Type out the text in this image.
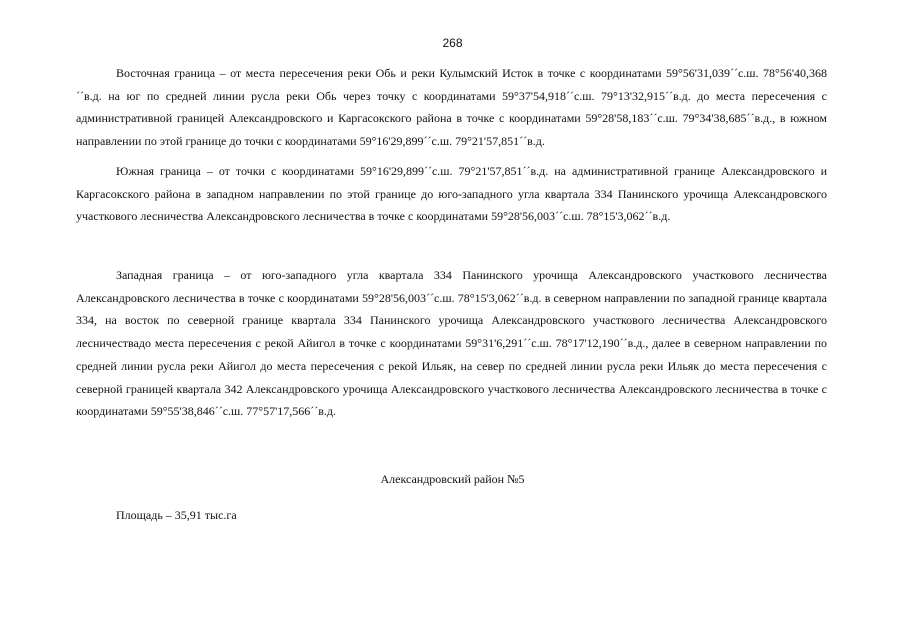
268

Восточная граница – от места пересечения реки Обь и реки Кулымский Исток в точке с координатами 59°56'31,039´´с.ш. 78°56'40,368´´в.д. на юг по средней линии русла реки Обь через точку с координатами 59°37'54,918´´с.ш. 79°13'32,915´´в.д. до места пересечения с административной границей Александровского и Каргасокского района в точке с координатами 59°28'58,183´´с.ш. 79°34'38,685´´в.д., в южном направлении по этой границе до точки с координатами 59°16'29,899´´с.ш. 79°21'57,851´´в.д.

Южная граница – от точки с координатами 59°16'29,899´´с.ш. 79°21'57,851´´в.д. на административной границе Александровского и Каргасокского района в западном направлении по этой границе до юго-западного угла квартала 334 Панинского урочища Александровского участкового лесничества Александровского лесничества в точке с координатами 59°28'56,003´´с.ш. 78°15'3,062´´в.д.

Западная граница – от юго-западного угла квартала 334 Панинского урочища Александровского участкового лесничества Александровского лесничества в точке с координатами 59°28'56,003´´с.ш. 78°15'3,062´´в.д. в северном направлении по западной границе квартала 334, на восток по северной границе квартала 334 Панинского урочища Александровского участкового лесничества Александровского лесничествадо места пересечения с рекой Айигол в точке с координатами 59°31'6,291´´с.ш. 78°17'12,190´´в.д., далее в северном направлении по средней линии русла реки Айигол до места пересечения с рекой Ильяк, на север по средней линии русла реки Ильяк до места пересечения с северной границей квартала 342 Александровского урочища Александровского участкового лесничества Александровского лесничества в точке с координатами 59°55'38,846´´с.ш. 77°57'17,566´´в.д.

Александровский район №5

Площадь – 35,91 тыс.га
